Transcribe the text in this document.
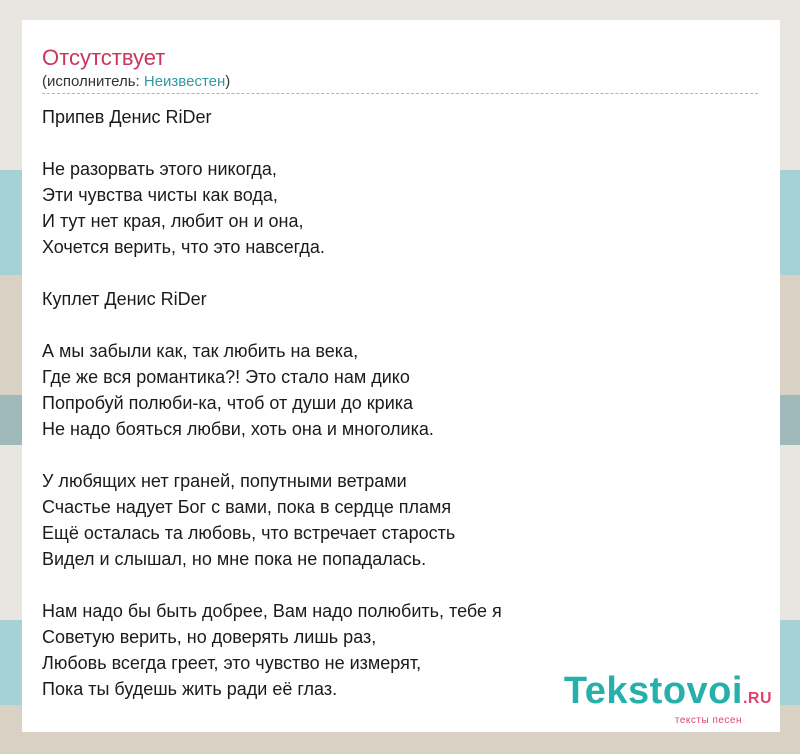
Отсутствует
(исполнитель: Неизвестен)
Припев Денис RiDer
Не разорвать этого никогда,
Эти чувства чисты как вода,
И тут нет края, любит он и она,
Хочется верить, что это навсегда.
Куплет Денис RiDer
А мы забыли как, так любить на века,
Где же вся романтика?! Это стало нам дико
Попробуй полюби-ка, чтоб от души до крика
Не надо бояться любви, хоть она и многолика.
У любящих нет граней, попутными ветрами
Счастье надует Бог с вами, пока в сердце пламя
Ещё осталась та любовь, что встречает старость
Видел и слышал, но мне пока не попадалась.
Нам надо бы быть добрее, Вам надо полюбить, тебе я
Советую верить, но доверять лишь раз,
Любовь всегда греет, это чувство не измерят,
Пока ты будешь жить ради её глаз.	Tekstovoi.RU
тексты песен
